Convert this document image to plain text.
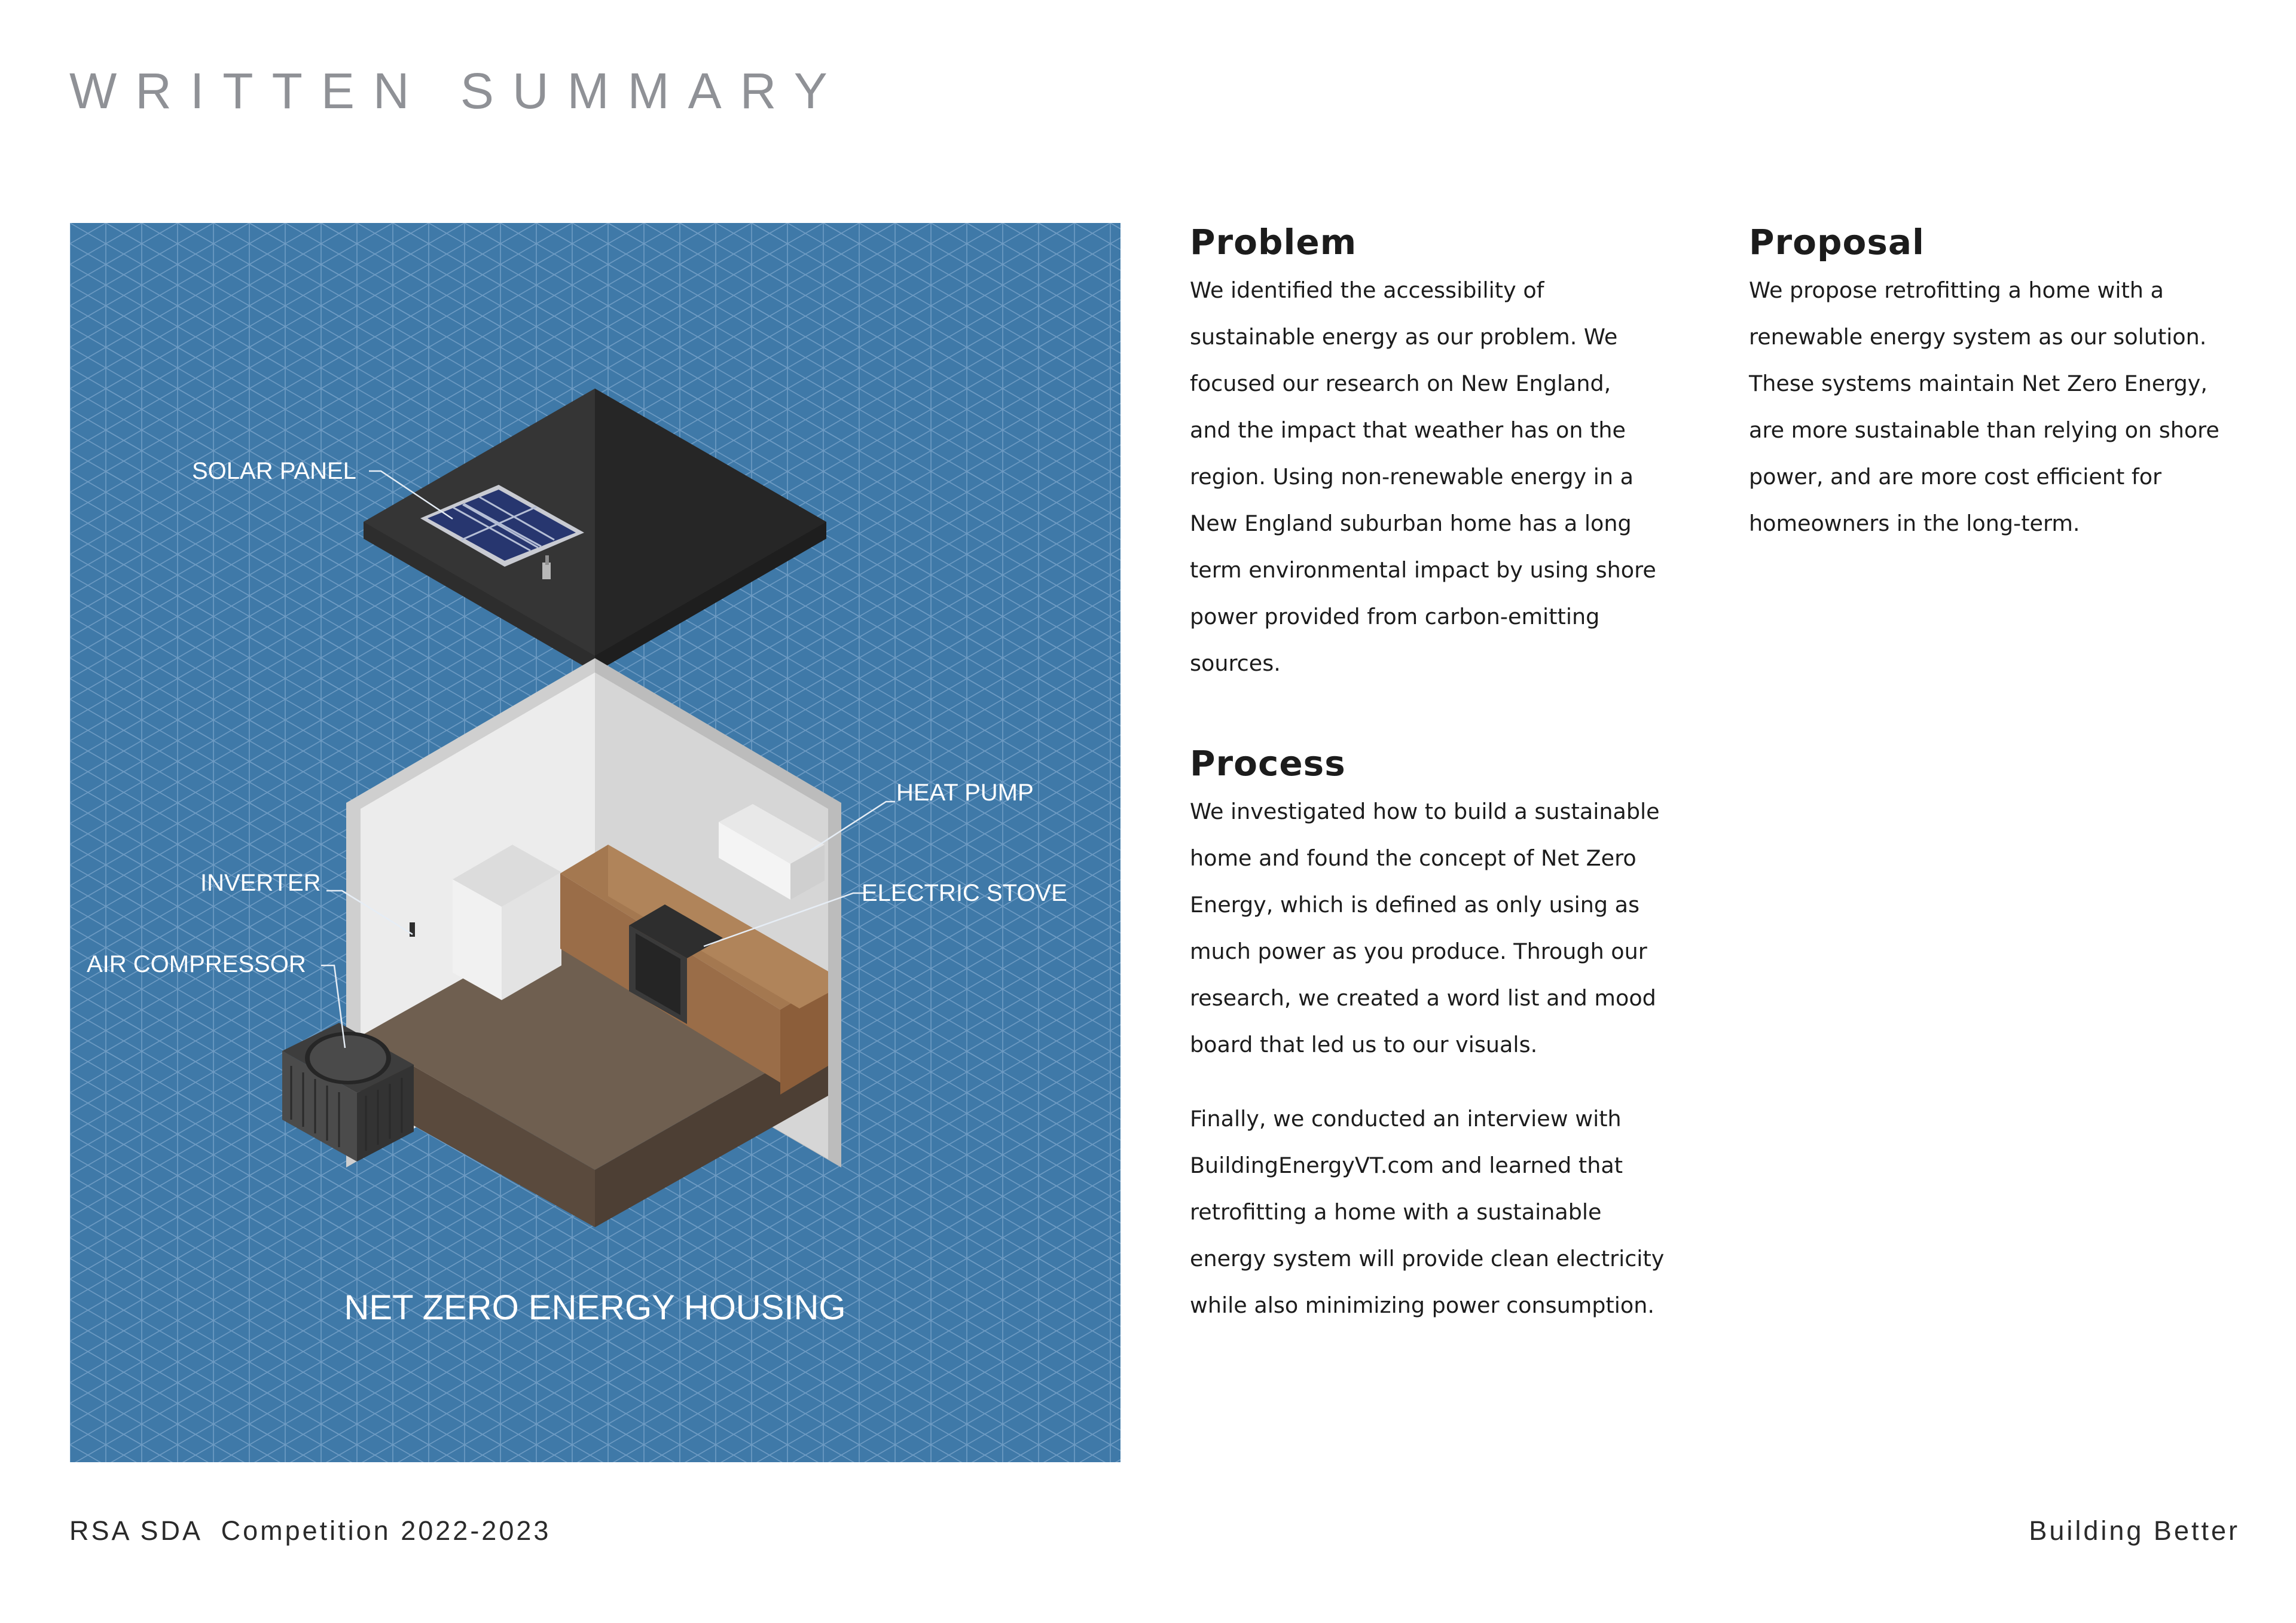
WRITTEN SUMMARY
SOLAR PANEL
HEAT PUMP
INVERTER	ELECTRIC STOVE
AIR COMPRESSOR
NET ZERO ENERGY HOUSING
Problem

We identified the accessibility of
sustainable energy as our problem. We
focused our research on New England,
and the impact that weather has on the
region. Using non-renewable energy in a
New England suburban home has a long
term environmental impact by using shore
power provided from carbon-emitting
sources.

Process

We investigated how to build a sustainable
home and found the concept of Net Zero
Energy, which is defined as only using as
much power as you produce. Through our
research, we created a word list and mood
board that led us to our visuals.

Finally, we conducted an interview with
BuildingEnergyVT.com and learned that
retrofitting a home with a sustainable
energy system will provide clean electricity
while also minimizing power consumption.

Proposal

We propose retrofitting a home with a
renewable energy system as our solution.
These systems maintain Net Zero Energy,
are more sustainable than relying on shore
power, and are more cost efficient for
homeowners in the long-term.

RSA SDA  Competition 2022-2023	Building Better
